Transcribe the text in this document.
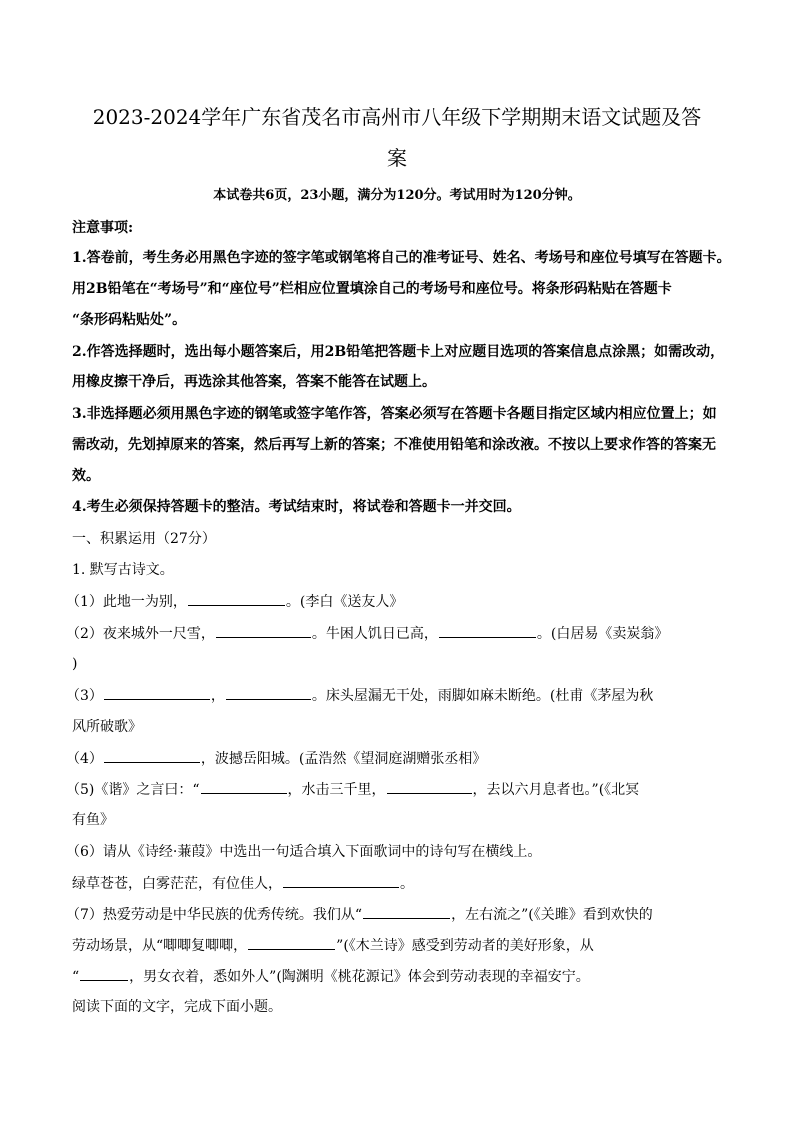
2023-2024学年广东省茂名市高州市八年级下学期期末语文试题及答
案
本试卷共6页，23小题，满分为120分。考试用时为120分钟。
注意事项:
1.答卷前，考生务必用黑色字迹的签字笔或钢笔将自己的准考证号、姓名、考场号和座位号填写在答题卡。
用2B铅笔在“考场号”和“座位号”栏相应位置填涂自己的考场号和座位号。将条形码粘贴在答题卡
“条形码粘贴处”。
2.作答选择题时，选出每小题答案后，用2B铅笔把答题卡上对应题目选项的答案信息点涂黑；如需改动，
用橡皮擦干净后，再选涂其他答案，答案不能答在试题上。
3.非选择题必须用黑色字迹的钢笔或签字笔作答，答案必须写在答题卡各题目指定区域内相应位置上；如
需改动，先划掉原来的答案，然后再写上新的答案；不准使用铅笔和涂改液。不按以上要求作答的答案无
效。
4.考生必须保持答题卡的整洁。考试结束时，将试卷和答题卡一并交回。
一、积累运用（27分）
1. 默写古诗文。
（1）此地一为别，	。(李白《送友人》
（2）夜来城外一尺雪，	。牛困人饥日已高，	。(白居易《卖炭翁》
)
（3）	，	。床头屋漏无干处，雨脚如麻未断绝。(杜甫《茅屋为秋
风所破歌》
（4）	，波撼岳阳城。(孟浩然《望洞庭湖赠张丞相》
（5)《谐》之言曰：“	，水击三千里，	，去以六月息者也。”(《北冥
有鱼》
（6）请从《诗经·蒹葭》中选出一句适合填入下面歌词中的诗句写在横线上。
绿草苍苍，白雾茫茫，有位佳人，	。
（7）热爱劳动是中华民族的优秀传统。我们从“	，左右流之”(《关雎》看到欢快的
劳动场景，从“唧唧复唧唧，	”(《木兰诗》感受到劳动者的美好形象，从
“	，男女衣着，悉如外人”(陶渊明《桃花源记》体会到劳动表现的幸福安宁。
阅读下面的文字，完成下面小题。
